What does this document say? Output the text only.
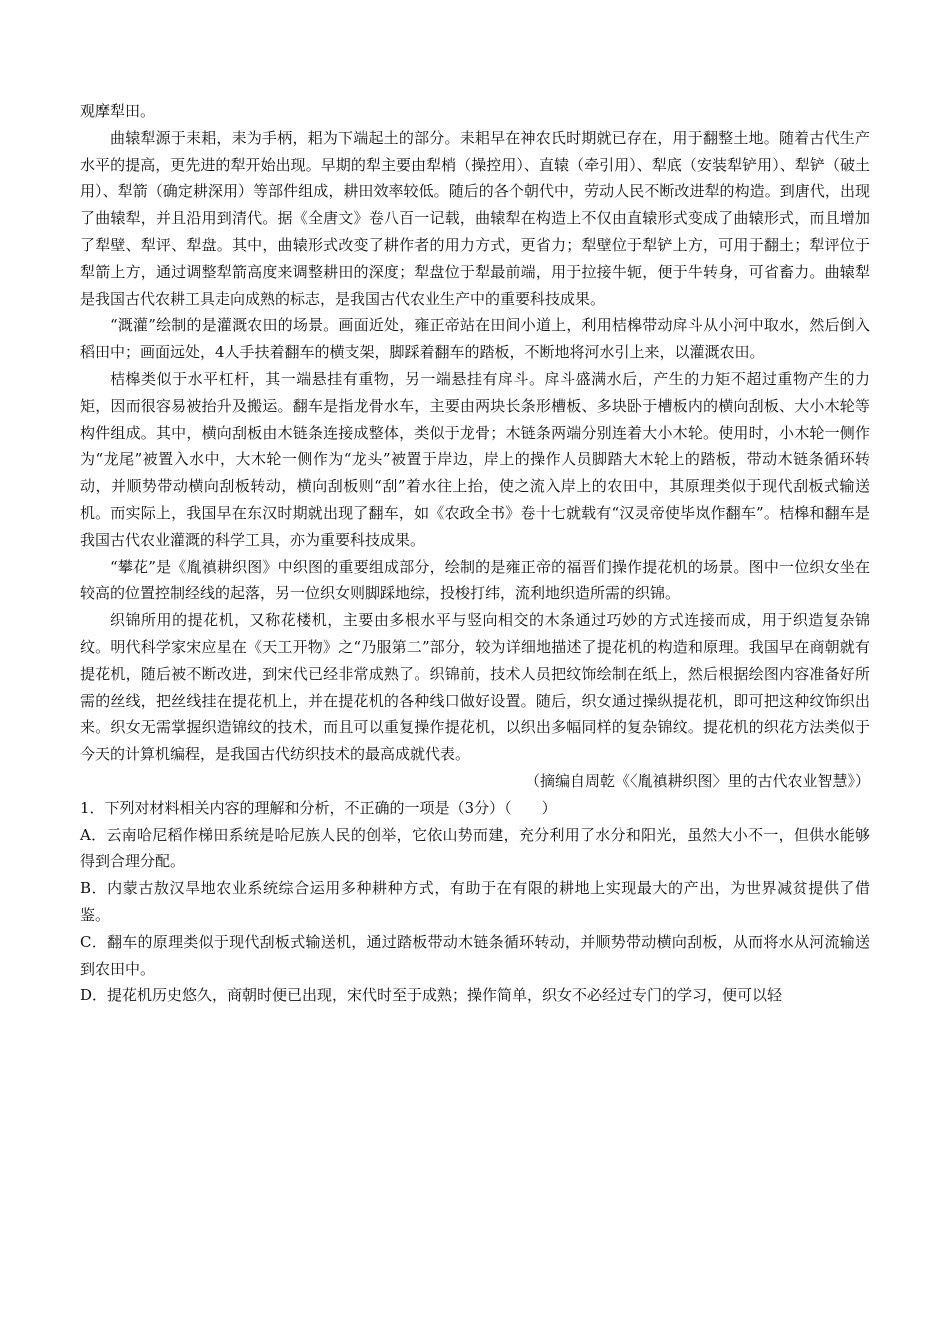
观摩犁田。

曲辕犁源于耒耜，耒为手柄，耜为下端起土的部分。耒耜早在神农氏时期就已存在，用于翻整土地。随着古代生产水平的提高，更先进的犁开始出现。早期的犁主要由犁梢（操控用）、直辕（牵引用）、犁底（安装犁铲用）、犁铲（破土用）、犁箭（确定耕深用）等部件组成，耕田效率较低。随后的各个朝代中，劳动人民不断改进犁的构造。到唐代，出现了曲辕犁，并且沿用到清代。据《全唐文》卷八百一记载，曲辕犁在构造上不仅由直辕形式变成了曲辕形式，而且增加了犁壁、犁评、犁盘。其中，曲辕形式改变了耕作者的用力方式，更省力；犁壁位于犁铲上方，可用于翻土；犁评位于犁箭上方，通过调整犁箭高度来调整耕田的深度；犁盘位于犁最前端，用于拉接牛轭，便于牛转身，可省畜力。曲辕犁是我国古代农耕工具走向成熟的标志，是我国古代农业生产中的重要科技成果。

“溉灌”绘制的是灌溉农田的场景。画面近处，雍正帝站在田间小道上，利用桔槔带动戽斗从小河中取水，然后倒入稻田中；画面远处，4人手扶着翻车的横支架，脚踩着翻车的踏板，不断地将河水引上来，以灌溉农田。

桔槔类似于水平杠杆，其一端悬挂有重物，另一端悬挂有戽斗。戽斗盛满水后，产生的力矩不超过重物产生的力矩，因而很容易被抬升及搬运。翻车是指龙骨水车，主要由两块长条形槽板、多块卧于槽板内的横向刮板、大小木轮等构件组成。其中，横向刮板由木链条连接成整体，类似于龙骨；木链条两端分别连着大小木轮。使用时，小木轮一侧作为“龙尾”被置入水中，大木轮一侧作为“龙头”被置于岸边，岸上的操作人员脚踏大木轮上的踏板，带动木链条循环转动，并顺势带动横向刮板转动，横向刮板则“刮”着水往上抬，使之流入岸上的农田中，其原理类似于现代刮板式输送机。而实际上，我国早在东汉时期就出现了翻车，如《农政全书》卷十七就载有“汉灵帝使毕岚作翻车”。桔槔和翻车是我国古代农业灌溉的科学工具，亦为重要科技成果。

“攀花”是《胤禛耕织图》中织图的重要组成部分，绘制的是雍正帝的福晋们操作提花机的场景。图中一位织女坐在较高的位置控制经线的起落，另一位织女则脚踩地综，投梭打纬，流利地织造所需的织锦。

织锦所用的提花机，又称花楼机，主要由多根水平与竖向相交的木条通过巧妙的方式连接而成，用于织造复杂锦纹。明代科学家宋应星在《天工开物》之“乃服第二”部分，较为详细地描述了提花机的构造和原理。我国早在商朝就有提花机，随后被不断改进，到宋代已经非常成熟了。织锦前，技术人员把纹饰绘制在纸上，然后根据绘图内容准备好所需的丝线，把丝线挂在提花机上，并在提花机的各种线口做好设置。随后，织女通过操纵提花机，即可把这种纹饰织出来。织女无需掌握织造锦纹的技术，而且可以重复操作提花机，以织出多幅同样的复杂锦纹。提花机的织花方法类似于今天的计算机编程，是我国古代纺织技术的最高成就代表。

（摘编自周乾《〈胤禛耕织图〉里的古代农业智慧》）

1．下列对材料相关内容的理解和分析，不正确的一项是（3分）（　　）

A．云南哈尼稻作梯田系统是哈尼族人民的创举，它依山势而建，充分利用了水分和阳光，虽然大小不一，但供水能够得到合理分配。

B．内蒙古敖汉旱地农业系统综合运用多种耕种方式，有助于在有限的耕地上实现最大的产出，为世界减贫提供了借鉴。

C．翻车的原理类似于现代刮板式输送机，通过踏板带动木链条循环转动，并顺势带动横向刮板，从而将水从河流输送到农田中。

D．提花机历史悠久，商朝时便已出现，宋代时至于成熟；操作简单，织女不必经过专门的学习，便可以轻
